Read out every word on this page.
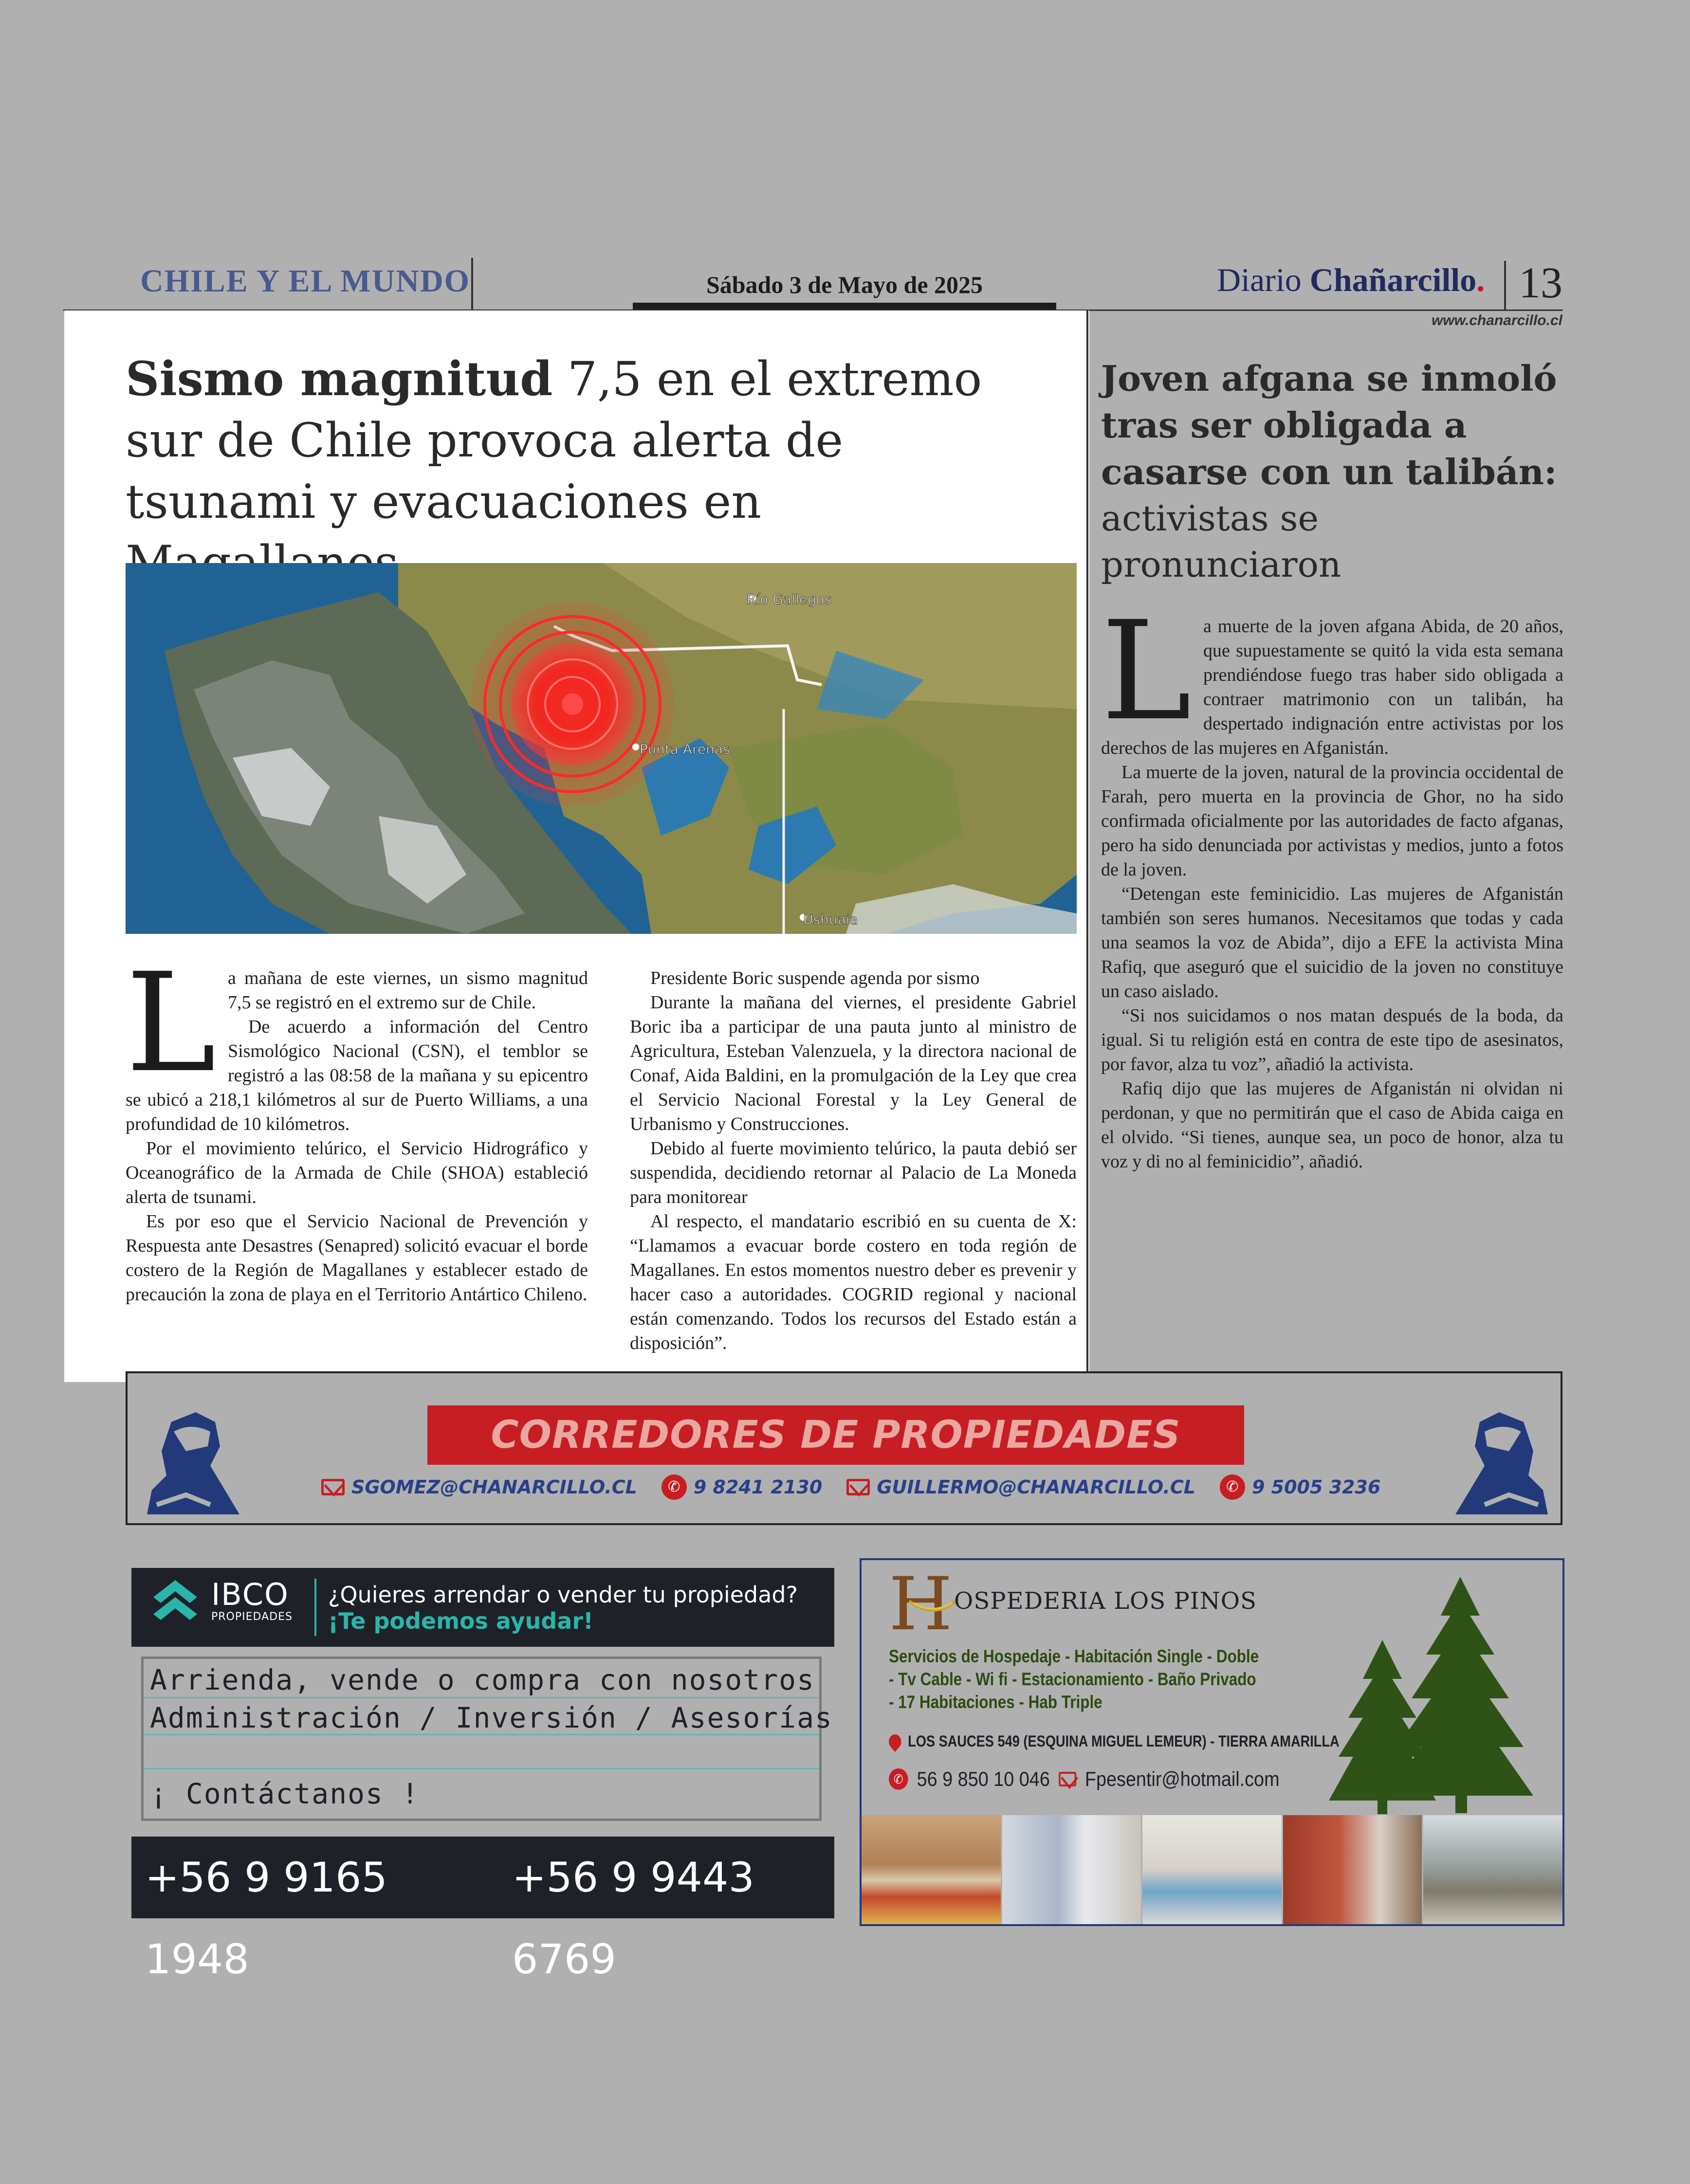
CHILE Y EL MUNDO	Sábado 3 de Mayo de 2025	Diario Chañarcillo. 13
www.chanarcillo.cl
Sismo magnitud 7,5 en el extremo sur de Chile provoca alerta de tsunami y evacuaciones en
Río Gallegos
Punta Arenas
Ushuaia
L a mañana de este viernes, un sismo magnitud 7,5 se registró en el extremo sur de Chile.

De acuerdo a información del Centro Sismológico Nacional (CSN), el temblor se registró a las 08:58 de la mañana y su epicentro se ubicó a 218,1 kilómetros al sur de Puerto Williams, a una profundidad de 10 kilómetros.

Por el movimiento telúrico, el Servicio Hidrográfico y Oceanográfico de la Armada de Chile (SHOA) estableció alerta de tsunami.

Es por eso que el Servicio Nacional de Prevención y Respuesta ante Desastres (Senapred) solicitó evacuar el borde costero de la Región de Magallanes y establecer estado de precaución la zona de playa en el Territorio Antártico Chileno.

Presidente Boric suspende agenda por sismo

Durante la mañana del viernes, el presidente Gabriel Boric iba a participar de una pauta junto al ministro de Agricultura, Esteban Valenzuela, y la directora nacional de Conaf, Aida Baldini, en la promulgación de la Ley que crea el Servicio Nacional Forestal y la Ley General de Urbanismo y Construcciones.

Debido al fuerte movimiento telúrico, la pauta debió ser suspendida, decidiendo retornar al Palacio de La Moneda para monitorear

Al respecto, el mandatario escribió en su cuenta de X: “Llamamos a evacuar borde costero en toda región de Magallanes. En estos momentos nuestro deber es prevenir y hacer caso a autoridades. COGRID regional y nacional están comenzando. Todos los recursos del Estado están a disposición”.

Joven afgana se inmoló tras ser obligada a casarse con un talibán: activistas se pronunciaron
L a muerte de la joven afgana Abida, de 20 años, que supuestamente se quitó la vida esta semana prendiéndose fuego tras haber sido obligada a contraer matrimonio con un talibán, ha despertado indignación entre activistas por los derechos de las mujeres en Afganistán.

La muerte de la joven, natural de la provincia occidental de Farah, pero muerta en la provincia de Ghor, no ha sido confirmada oficialmente por las autoridades de facto afganas, pero ha sido denunciada por activistas y medios, junto a fotos de la joven.

“Detengan este feminicidio. Las mujeres de Afganistán también son seres humanos. Necesitamos que todas y cada una seamos la voz de Abida”, dijo a EFE la activista Mina Rafiq, que aseguró que el suicidio de la joven no constituye un caso aislado.

“Si nos suicidamos o nos matan después de la boda, da igual. Si tu religión está en contra de este tipo de asesinatos, por favor, alza tu voz”, añadió la activista.

Rafiq dijo que las mujeres de Afganistán ni olvidan ni perdonan, y que no permitirán que el caso de Abida caiga en el olvido. “Si tienes, aunque sea, un poco de honor, alza tu voz y di no al feminicidio”, añadió.

CORREDORES DE PROPIEDADES
SGOMEZ@CHANARCILLO.CL	✆ 9 8241 2130	GUILLERMO@CHANARCILLO.CL	✆ 9 5005 3236
IBCO
PROPIEDADES
¿Quieres arrendar o vender tu propiedad?
¡Te podemos ayudar!
Arrienda, vende o compra con nosotros
Administración / Inversión / Asesorías
¡ Contáctanos !
+56 9 9165 1948
+56 9 9443 6769
H OSPEDERIA LOS PINOS
Servicios de Hospedaje - Habitación Single - Doble - Tv Cable - Wi fi - Estacionamiento - Baño Privado - 17 Habitaciones - Hab Triple
LOS SAUCES 549 (ESQUINA MIGUEL LEMEUR) - TIERRA AMARILLA
✆ 56 9 850 10 046 Fpesentir@hotmail.com
